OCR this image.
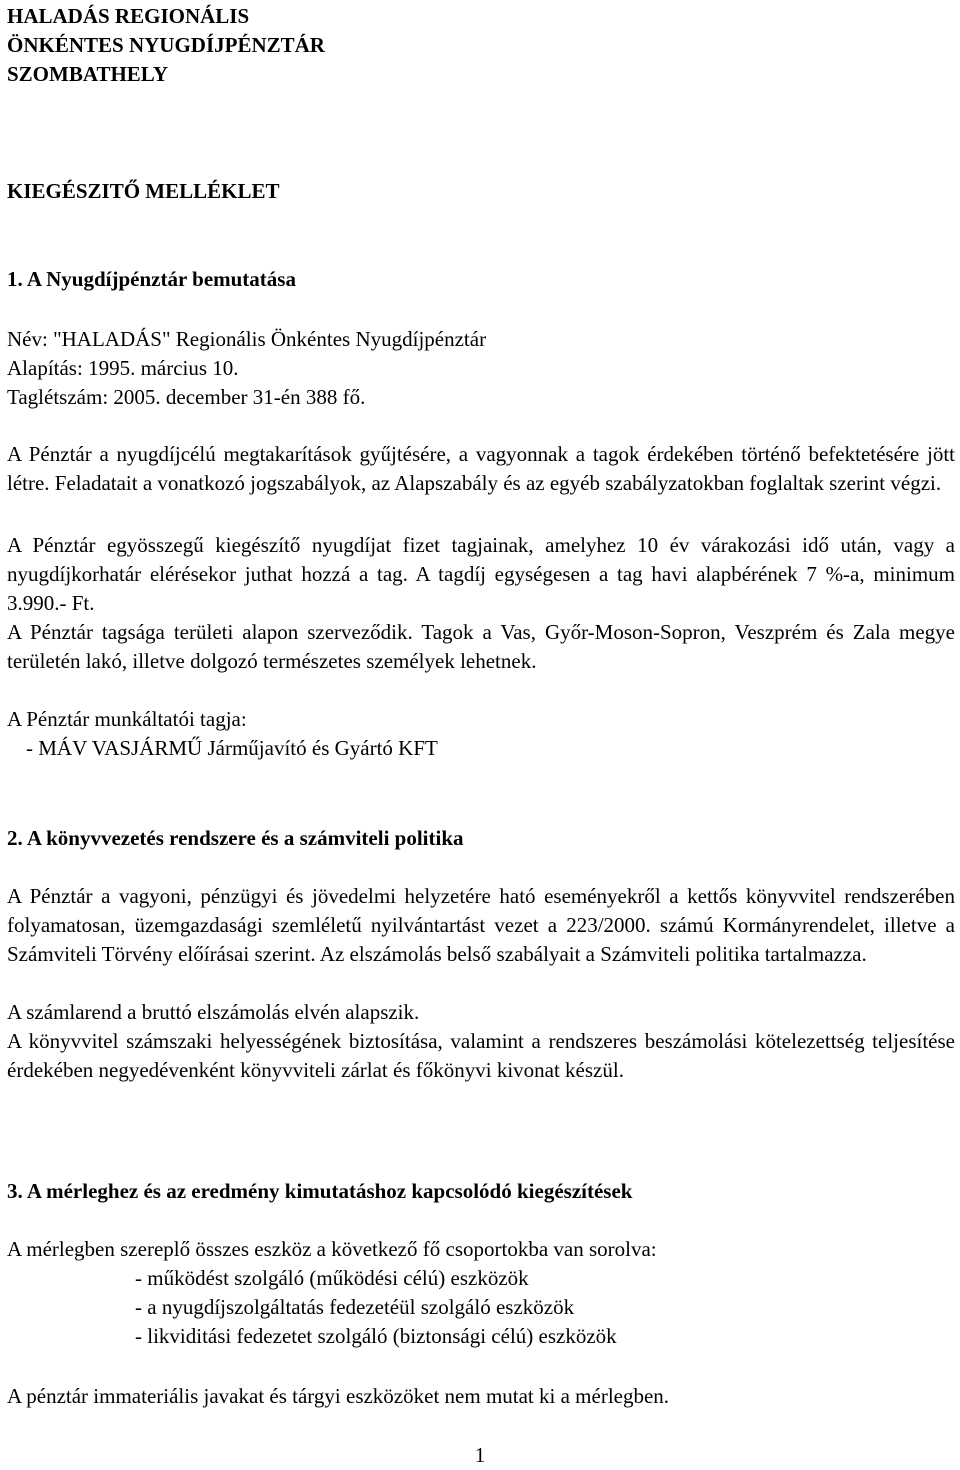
HALADÁS REGIONÁLIS
ÖNKÉNTES NYUGDÍJPÉNZTÁR
SZOMBATHELY
KIEGÉSZITŐ MELLÉKLET
1. A Nyugdíjpénztár bemutatása
Név: "HALADÁS" Regionális Önkéntes Nyugdíjpénztár
Alapítás: 1995. március 10.
Taglétszám: 2005. december 31-én 388 fő.
A Pénztár a nyugdíjcélú megtakarítások gyűjtésére, a vagyonnak a tagok érdekében történő befektetésére jött létre. Feladatait a vonatkozó jogszabályok, az Alapszabály és az egyéb szabályzatokban foglaltak szerint végzi.
A Pénztár egyösszegű kiegészítő nyugdíjat fizet tagjainak, amelyhez 10 év várakozási idő után, vagy a nyugdíjkorhatár elérésekor juthat hozzá a tag. A tagdíj egységesen a tag havi alapbérének 7 %-a, minimum 3.990.- Ft.
A Pénztár tagsága területi alapon szerveződik. Tagok a Vas, Győr-Moson-Sopron, Veszprém és Zala megye területén lakó, illetve dolgozó természetes személyek lehetnek.
A Pénztár munkáltatói tagja:
- MÁV VASJÁRMŰ Járműjavító és Gyártó KFT
2. A könyvvezetés rendszere és a számviteli politika
A Pénztár a vagyoni, pénzügyi és jövedelmi helyzetére ható eseményekről a kettős könyvvitel rendszerében folyamatosan, üzemgazdasági szemléletű nyilvántartást vezet a 223/2000. számú Kormányrendelet, illetve a Számviteli Törvény előírásai szerint. Az elszámolás belső szabályait a Számviteli politika tartalmazza.
A számlarend a bruttó elszámolás elvén alapszik.
A könyvvitel számszaki helyességének biztosítása, valamint a rendszeres beszámolási kötelezettség teljesítése érdekében negyedévenként könyvviteli zárlat és főkönyvi kivonat készül.
3. A mérleghez és az eredmény kimutatáshoz kapcsolódó kiegészítések
A mérlegben szereplő összes eszköz a következő fő csoportokba van sorolva:
- működést szolgáló (működési célú) eszközök
- a nyugdíjszolgáltatás fedezetéül szolgáló eszközök
- likviditási fedezetet szolgáló (biztonsági célú) eszközök
A pénztár immateriális javakat és tárgyi eszközöket nem mutat ki a mérlegben.
1
